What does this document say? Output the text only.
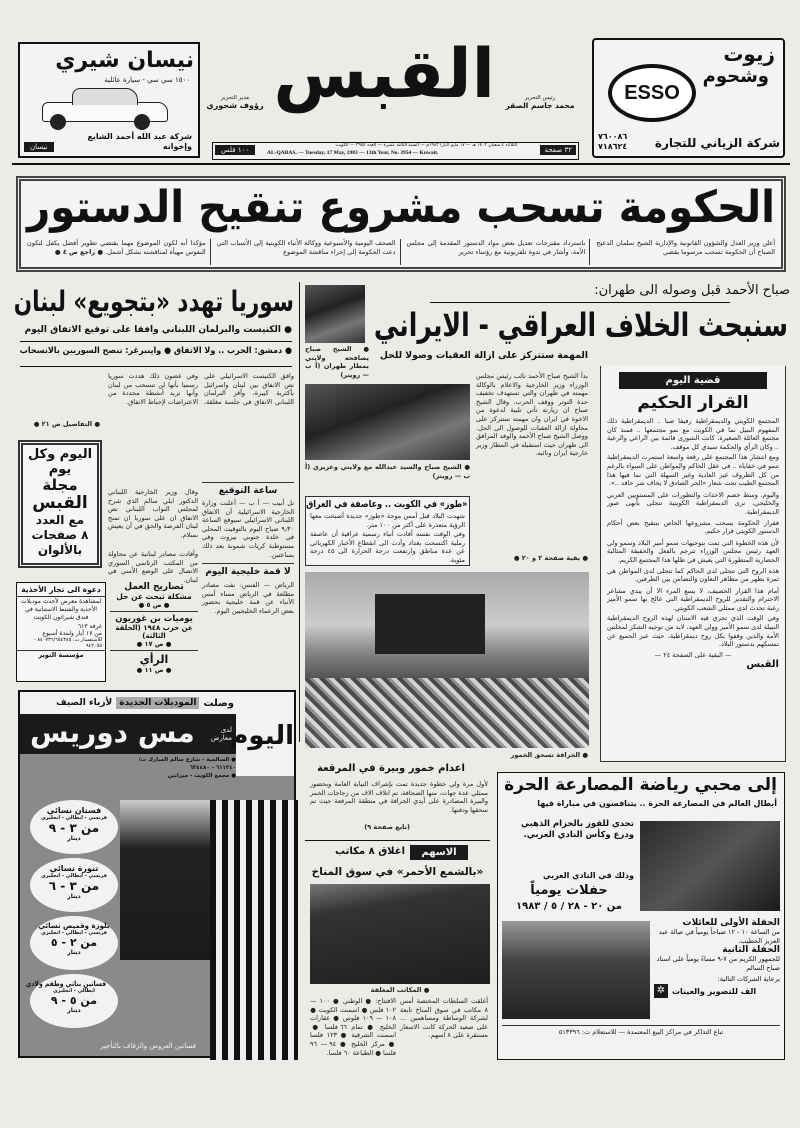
نيسان شيري
١٥٠٠ سي سي - سيارة عائلية
شركة عبد الله أحمد الشايع وإخوانه
نيسان
مدير التحرير
رؤوف شحوري القبس	رئيس التحرير
محمد جاسم الصقر
١٠٠ فلس
الثلاثاء ٤ شعبان ١٤٠٣ هـ — ١٧ مايو (أيار) ١٩٨٣م — السنة الثالثة عشرة — العدد ٣٩٥٤ — الكويت
AL-QABAS, — Tuesday, 17 May, 1983 — 13th Year, No. 3954 — Kuwait.	٣٢ صفحة
زيوت
وشحوم
ESSO
شركة الزياني للتجارة
٧٦٠٠٨٦
٧١٨٦٢٤
الحكومة تسحب مشروع تنقيح الدستور
أعلن وزير العدل والشؤون القانونية والإدارية الشيخ سلمان الدعيج الصباح أن الحكومة تسحب مرسوما يقضي
باسترداد مقترحات تعديل بعض مواد الدستور المقدمة إلى مجلس الأمة، وأشار في ندوة تلفزيونية مع رؤساء تحرير
الصحف اليومية والأسبوعية ووكالة الأنباء الكويتية إلى الأسباب التي دعت الحكومة إلى إجراء مناقشة الموضوع
مؤكدا أنه لكون الموضوع مهما يقتضي تطوير أفضل يكفل لتكون النفوس مهيأة لمناقشته بشكل أشمل. ● راجع ص ٤ ●
سوريا تهدد «بتجويع» لبنان
● الكنيست والبرلمان اللبناني وافقا على توقيع الاتفاق اليوم
● دمشق: الحرب .. ولا الاتفاق ● واينبرغر: ننصح السوريين بالانسحاب
وافق الكنيست الاسرائيلي على نص الاتفاق بين لبنان واسرائيل بأكثرية كبيرة، وأقر البرلمان اللبناني الاتفاق في جلسة مغلقة، وفي غضون ذلك هددت سوريا رسميا بأنها لن تنسحب من لبنان وأنها تريد أنشطة محددة من الاعتراضات لإحباط الاتفاق.
وقال وزير الخارجية اللبناني الدكتور ايلي سالم الذي شرح لمجلس النواب اللبناني نص الاتفاق ان على سوريا ان تمنح لبنان الفرصة والحق في أن يعيش بسلام.
وأفادت مصادر لبنانية عن محاولة من المكتب الرئاسي السوري الاتصال على الوضع الأمني في لبنان.
● التفاصيل ص ٢١ ●
اليوم وكل
يوم
مجلة
القبس
مع العدد
٨ صفحات
بالألوان
ساعة التوقيع
تل أبيب — أ ب — أعلنت وزارة الخارجية الاسرائيلية أن الاتفاق اللبناني الاسرائيلي سيوقع الساعة ٩٫٣٠ صباح اليوم بالتوقيت المحلي في خلدة جنوبي بيروت وفي مستوطنة كريات شمونة بعد ذلك بساعتين.
لا قمة خليجية اليوم
الرياض — الفنس: نفت مصادر مطلعة في الرياض مساء أمس الأنباء عن قمة خليجية بحضور بعض الزعماء الخليجيين اليوم.
تصاريح العمل
مشكلة تبحث عن حل
● ص ٥ ●
يوميات بن غوريون
عن حرب ١٩٤٨ (الحلقة الثالثة)
● ص ١٧ ●
الرأي
● ص ١١ ●
دعوة الى تجار الأحذية
لمشاهدة معرض لأحدث موديلات الأحذية والشنط الاستبانية في فندق شيراتون الكويت
غرفة ٦١٣
من ١٧ أيار ولمدة أسبوع
للاستفسار ت: ٨٤٠٧٣٦/٦٥٤٣٨٥ - ٩٤٢٠٥٥
مؤسسة النوير
وصلت
الموديلات الجديدة
لأزياء الصيف
مس دوريس	لدى معارض
اليوم
● السالمية - شارع سالم المبارك ت/ ٦١١٣٤٠ - ٦٣٤٤٨٠
● مجمع الكويت - ميزانين
فستان نسائي
فرنسي - ايطالي - انجليزي
من ٣ - ٩
دينار
تنورة نسائي
فرنسي - ايطالي - انجليزي
من ٣ - ٦
دينار
بلوزة وقميص نسائي
فرنسي - ايطالي - انجليزي
من ٢ - ٥
دينار
فساتين بناتي وطقم ولادي
ايطالي - انجليزي
من ٥ - ٩
دينار
فساتين العروس والزفاف بالتأجير
● الشيخ صباح يصافحه ولايتي بمطار طهران (أ ب — رويتر)
صباح الأحمد قبل وصوله الى طهران:
سنبحث الخلاف العراقي - الايراني
المهمة ستتركز على ازالة العقبات وصولا للحل
● الشيخ صباح والسيد عبدالله مع ولايتي وعزيزي (أ ب — رويتر)
بدأ الشيخ صباح الأحمد نائب رئيس مجلس الوزراء وزير الخارجية والاعلام بالوكالة مهمته في طهران والتي تستهدف تخفيف حدة التوتر ووقف الحرب. وقال الشيخ صباح ان زيارته تأتي تلبية لدعوة من الاخوة في ايران وان مهمته ستتركز على محاولة ازالة العقبات للوصول الى الحل. ووصل الشيخ صباح الأحمد والوفد المرافق الى طهران حيث استقبله في المطار وزير خارجية ايران ونائبه.
● بقية صفحة ٢ و ٢٠ ●
«طوز» في الكويت .. وعاصفة في العراق
شهدت البلاد قبل أمس موجة «طوز» جديدة أصبحت معها الرؤية متعذرة على أكثر من ١٠٠ متر.
وفي الوقت نفسه أفادت أنباء رسمية عراقية أن عاصفة رملية اكتسحت بغداد وأدت الى انقطاع الأخبار الكهربائي عن عدة مناطق وارتفعت درجة الحرارة الى ٤٥ درجة مئوية.
● الجرافة تسحق الخمور
اعدام خمور وبيرة في المرقعة
لأول مرة ولي خطوة جديدة تمت بإشراف النيابة العامة وبحضور ممثلي عدة جهات، منها الصحافة، تم اتلاف الاف من زجاجات الخمر والبيرة المصادرة على أيدي الجرافة في منطقة المرقعة حيث تم سحقها ودفنها.
(تابع صفحة ٩)
الاسهم
اغلاق ٨ مكاتب
«بالشمع الأحمر» في سوق المناخ
● المكاتب المغلقة
أغلقت السلطات المختصة أمس ٨ مكاتب في سوق المناخ تابعة لشركة الوساطة ومساهمين ... على صعيد الحركة كانت الاسعار مستقرة على ٨ اسهم.
الافتتاح: ● الوطني ● ١٠٠ — ١٠٢ فلس ● اسمنت الكويت ● ١٠٨ — ١٠٩ فلوس ● عقارات الخليج ● تمام ٦٦ فلسا ● اسمنت الشرقية ● ١٢٣ فلسا ● مركز الخليج ● ٩٤ — ٩٦ فلسا ● الطباعة ٦٠ فلسا.
قضية اليوم
القرار الحكيم

المجتمع الكويتي والديمقراطية رفيقا صبا .. الديمقراطية ذلك المفهوم النبيل نما في الكويت مع نمو مجتمعها .. فمنذ كان مجتمع العائلة الصغيرة، كانت الشورى قائمة بين الراعي والرعية .. وكان الرأي والحكمة سيدي كل موقف.

ومع انتشار هذا المجتمع على رقعة واسعة استمرت الديمقراطية تنمو في خفاياه .. في عقل الحاكم والمواطن على السواء بالرغم من كل الظروف غير العادية وغير السهلة التي نما فيها هذا المجتمع الطيب تحت شعار «الحر الصادق لا يخاف شر حاقد ..».

واليوم، وسط خضم الاحداث والتطورات على المستويين العربي والخليجي، نرى الديمقراطية الكويتية تتجلى بأبهى صور الديمقراطية.

فقرار الحكومة بسحب مشروعها الخاص بتنقيح بعض أحكام الدستور الكويتي قرار حكيم.

لأن هذه الخطوة التي تمت بتوجيهات سمو أمير البلاد وسمو ولي العهد رئيس مجلس الوزراء تترجم بالفعل والحقيقة المثالية الحضارية المتطورة التي يعيش في ظلها هذا المجتمع الكريم.

هذه الروح التي تتجلى لدى الحاكم كما تتجلى لدى المواطن هي ثمرة بظهر من مظاهر التعاون والتضامن بين الطرفين.

أمام هذا القرار الحصيف، لا يسع المرء الا أن يبدي مشاعر الاحترام والتقدير للروح الديمقراطية التي عالج بها سمو الأمير رغبة تحدث لدى ممثلي الشعب الكويتي.

وفي الوقت الذي تجري فيه الامتنان لهذه الروح الديمقراطية النبيلة لدى سمو الأمير وولي العهد، لابد من توجيه الشكر لمجلس الأمة والذين وقفوا بكل روح ديمقراطية، حيث عبر الجميع عن تمسكهم بدستور البلاد.

— البقية على الصفحة ٢٤ —
القبس
إلى محبي رياضة المصارعة الحرة
أبطال العالم في المصارعة الحرة .. يتنافسون في مباراة فيها
تحدي للفوز بالحزام الذهبي ودرع وكأس النادي العربي.
وذلك في النادي العربي
حفلات يومياً
من ٢٠ - ٢٨ / ٥ / ١٩٨٣
الحفلة الأولى للعائلات
من الساعة ١٠ - ١٢ صباحاً يومياً في صالة عبد العزيز الحطيب.
الحفلة الثانية
للجمهور الكريم من ٧-٩ مساءً يومياً على استاد صباح السالم
برعاية الشركات التالية:
✲ الف للتصوير والعينات
تباع التذاكر في مراكز البيع المعتمدة — للاستعلام ت: ٥١٣٣٩٦
